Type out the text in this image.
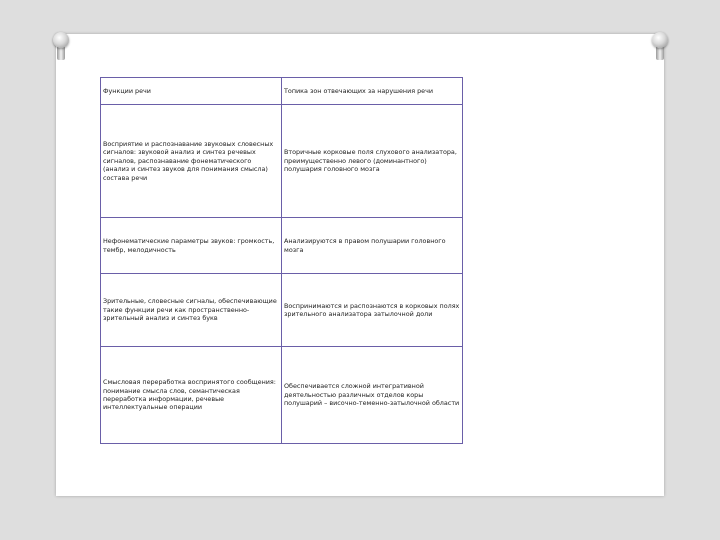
Функции речи	Топика зон отвечающих за нарушения речи
Восприятие и распознавание звуковых словесных сигналов: звуковой анализ и синтез речевых сигналов, распознавание фонематического (анализ и синтез звуков для понимания смысла) состава речи	Вторичные корковые поля слухового анализатора, преимущественно левого (доминантного) полушария головного мозга
Нефонематические параметры звуков: громкость, тембр, мелодичность	Анализируются в правом полушарии головного мозга
Зрительные, словесные сигналы, обеспечивающие такие функции речи как пространственно-зрительный анализ и синтез букв	Воспринимаются и распознаются в корковых полях зрительного анализатора затылочной доли
Смысловая переработка воспринятого сообщения: понимание смысла слов, семантическая переработка информации, речевые интеллектуальные операции	Обеспечивается сложной интегративной деятельностью различных отделов коры полушарий – височно-теменно-затылочной области
